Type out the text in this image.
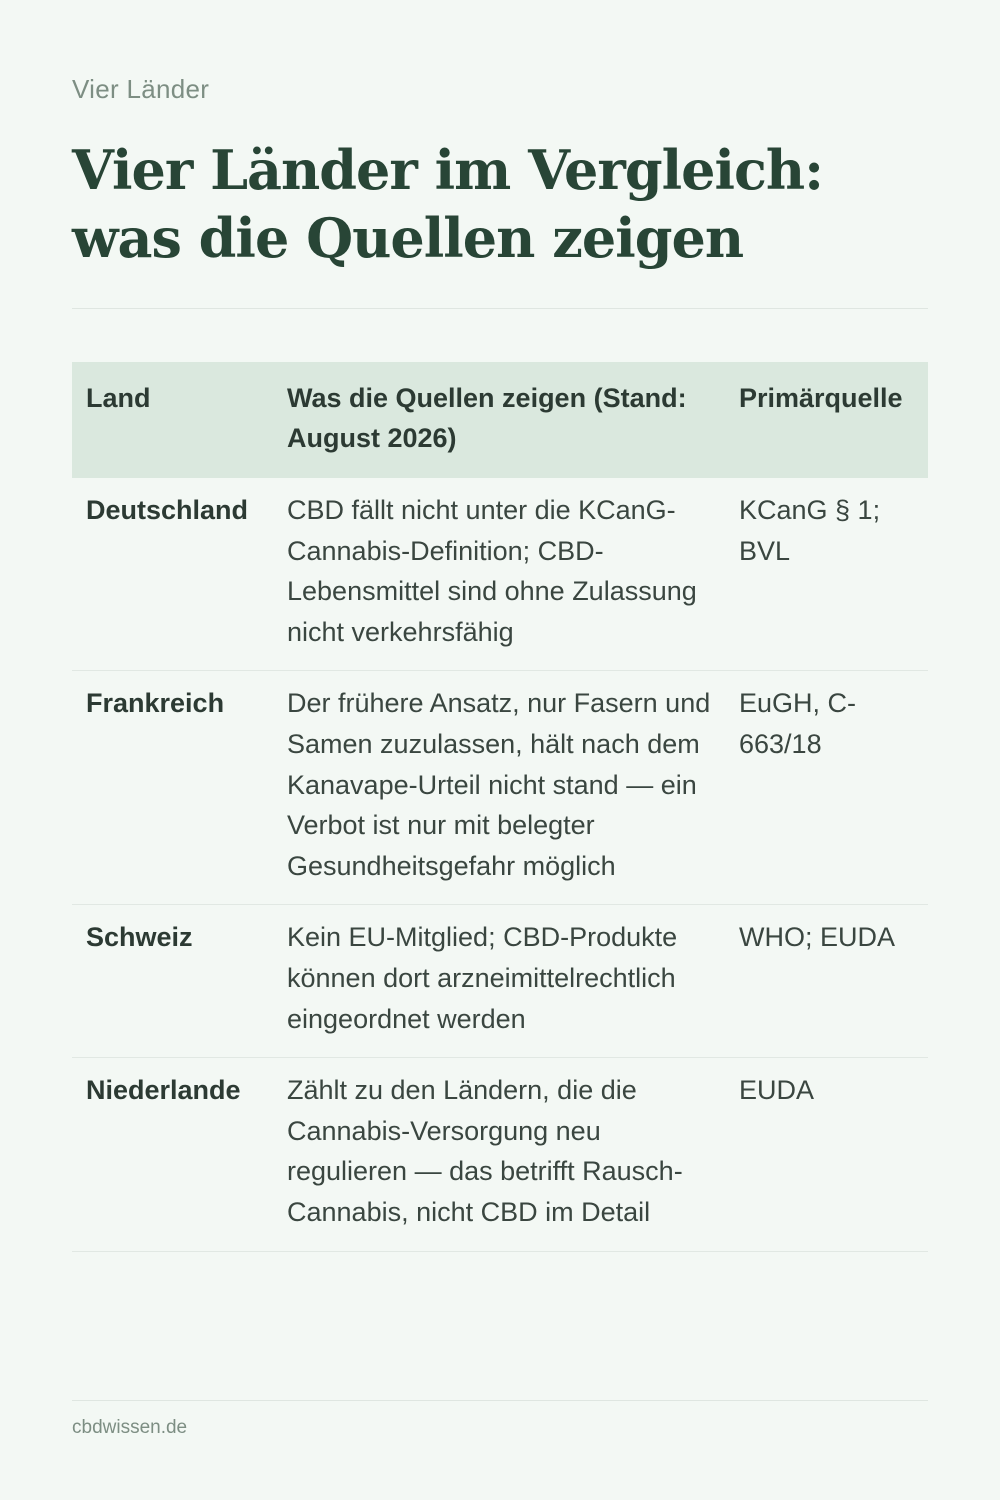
Vier Länder
Vier Länder im Vergleich: was die Quellen zeigen
Land	Was die Quellen zeigen (Stand: August 2026)	Primärquelle
Deutschland	CBD fällt nicht unter die KCanG-Cannabis-Definition; CBD-Lebensmittel sind ohne Zulassung nicht verkehrsfähig	KCanG § 1; BVL
Frankreich	Der frühere Ansatz, nur Fasern und Samen zuzulassen, hält nach dem Kanavape-Urteil nicht stand — ein Verbot ist nur mit belegter Gesundheitsgefahr möglich	EuGH, C-663/18
Schweiz	Kein EU-Mitglied; CBD-Produkte können dort arzneimittelrechtlich eingeordnet werden	WHO; EUDA
Niederlande	Zählt zu den Ländern, die die Cannabis-Versorgung neu regulieren — das betrifft Rausch-Cannabis, nicht CBD im Detail	EUDA
cbdwissen.de
